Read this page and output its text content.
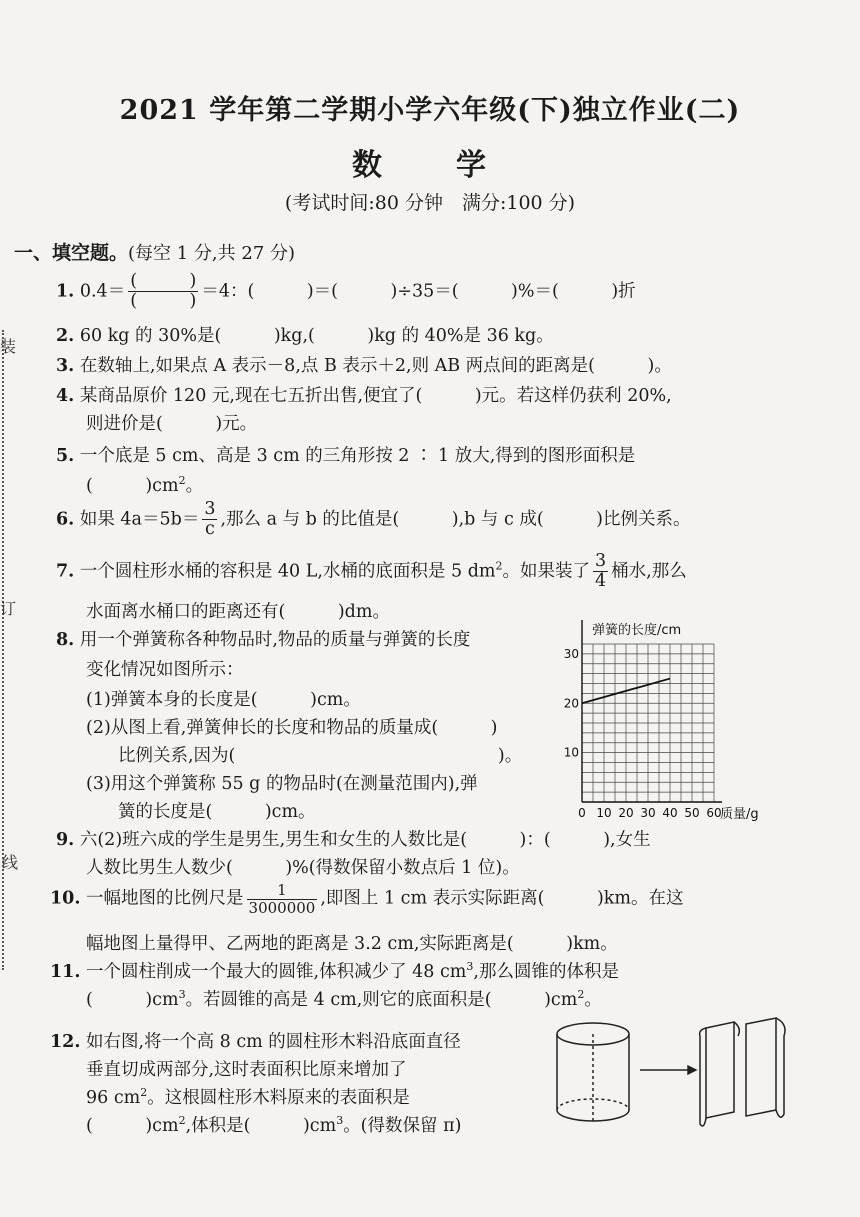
装
订
线
2021 学年第二学期小学六年级(下)独立作业(二)
数　学
(考试时间:80 分钟　满分:100 分)
一、填空题。(每空 1 分,共 27 分)
1. $0.4= \frac{( )}{( )} =4$：(　　　)＝(　　　)÷35＝(　　　)%＝(　　　)折
2. 60 kg 的 30%是(　　　)kg,(　　　)kg 的 40%是 36 kg。
3. 在数轴上,如果点 A 表示－8,点 B 表示＋2,则 AB 两点间的距离是(　　　)。
4. 某商品原价 120 元,现在七五折出售,便宜了(　　　)元。若这样仍获利 20%,
则进价是(　　　)元。
5. 一个底是 5 cm、高是 3 cm 的三角形按 2 ∶ 1 放大,得到的图形面积是
(　　　)$cm^2$。
6. 如果 $4a=5b= \frac{3}{c}$ ,那么 a 与 b 的比值是(　　　),b 与 c 成(　　　)比例关系。
7. 一个圆柱形水桶的容积是 40 L,水桶的底面积是 5 $dm^2$。如果装了 $\frac{3}{4}$ 桶水,那么
水面离水桶口的距离还有(　　　)dm。
8. 用一个弹簧称各种物品时,物品的质量与弹簧的长度
变化情况如图所示：
(1)弹簧本身的长度是(　　　)cm。
(2)从图上看,弹簧伸长的长度和物品的质量成(　　　)
比例关系,因为(　　　　　　　　　　　　　　　)。
(3)用这个弹簧称 55 g 的物品时(在测量范围内),弹
簧的长度是(　　　)cm。
弹簧的长度/cm
10
20
30
0 10 20 30 40 50 60
质量/g
9. 六(2)班六成的学生是男生,男生和女生的人数比是(　　　)：(　　　),女生
人数比男生人数少(　　　)%(得数保留小数点后 1 位)。
10. 一幅地图的比例尺是 $\frac{1}{3000000}$ ,即图上 1 cm 表示实际距离(　　　)km。在这
幅地图上量得甲、乙两地的距离是 3.2 cm,实际距离是(　　　)km。
11. 一个圆柱削成一个最大的圆锥,体积减少了 48 $cm^3$,那么圆锥的体积是
(　　　)$cm^3$。若圆锥的高是 4 cm,则它的底面积是(　　　)$cm^2$。
12. 如右图,将一个高 8 cm 的圆柱形木料沿底面直径
垂直切成两部分,这时表面积比原来增加了
96 $cm^2$。这根圆柱形木料原来的表面积是
(　　　)$cm^2$,体积是(　　　)$cm^3$。(得数保留 π)
